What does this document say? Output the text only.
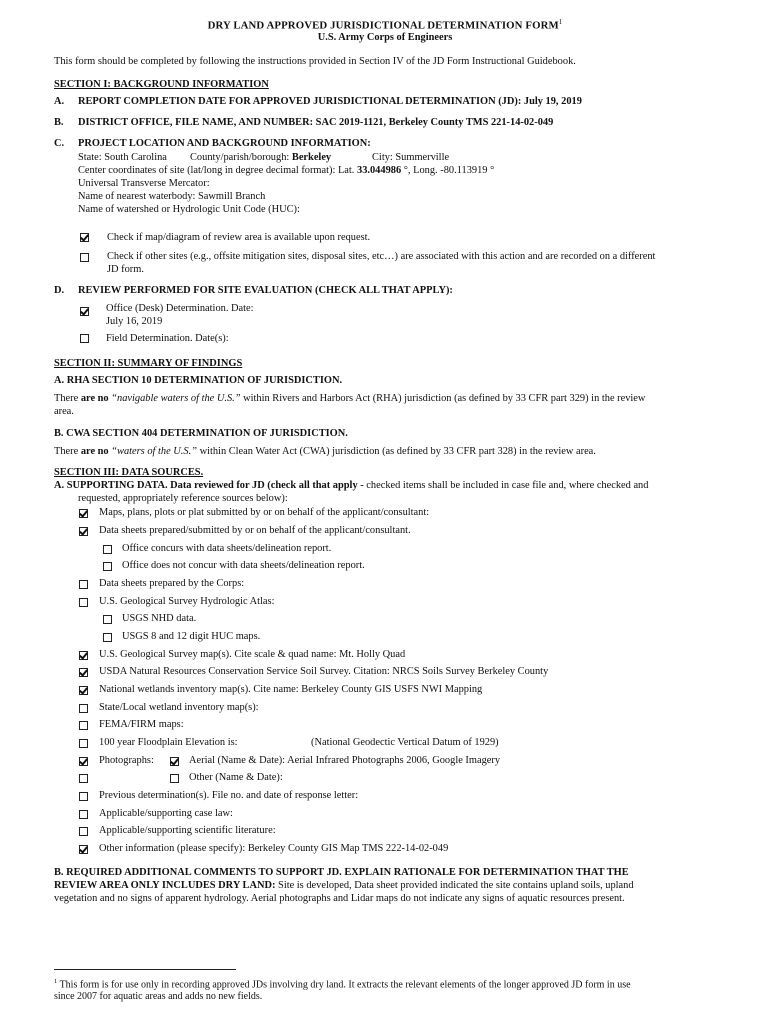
DRY LAND APPROVED JURISDICTIONAL DETERMINATION FORM$^1$
U.S. Army Corps of Engineers
This form should be completed by following the instructions provided in Section IV of the JD Form Instructional Guidebook.
SECTION I: BACKGROUND INFORMATION
A. REPORT COMPLETION DATE FOR APPROVED JURISDICTIONAL DETERMINATION (JD): July 19, 2019
B. DISTRICT OFFICE, FILE NAME, AND NUMBER: SAC 2019-1121, Berkeley County TMS 221-14-02-049
C. PROJECT LOCATION AND BACKGROUND INFORMATION:
State: South Carolina County/parish/borough: Berkeley	City: Summerville
Center coordinates of site (lat/long in degree decimal format): Lat. 33.044986 °, Long. -80.113919 °
Universal Transverse Mercator:
Name of nearest waterbody: Sawmill Branch
Name of watershed or Hydrologic Unit Code (HUC):
Check if map/diagram of review area is available upon request.
Check if other sites (e.g., offsite mitigation sites, disposal sites, etc…) are associated with this action and are recorded on a different
JD form.
D. REVIEW PERFORMED FOR SITE EVALUATION (CHECK ALL THAT APPLY):
Office (Desk) Determination. Date:
July 16, 2019
Field Determination. Date(s):
SECTION II: SUMMARY OF FINDINGS
A. RHA SECTION 10 DETERMINATION OF JURISDICTION.
There are no “navigable waters of the U.S.” within Rivers and Harbors Act (RHA) jurisdiction (as defined by 33 CFR part 329) in the review
area.
B. CWA SECTION 404 DETERMINATION OF JURISDICTION.
There are no “waters of the U.S.” within Clean Water Act (CWA) jurisdiction (as defined by 33 CFR part 328) in the review area.
SECTION III: DATA SOURCES.
A. SUPPORTING DATA. Data reviewed for JD (check all that apply - checked items shall be included in case file and, where checked and
requested, appropriately reference sources below):
Maps, plans, plots or plat submitted by or on behalf of the applicant/consultant:
Data sheets prepared/submitted by or on behalf of the applicant/consultant.
Office concurs with data sheets/delineation report.
Office does not concur with data sheets/delineation report.
Data sheets prepared by the Corps:
U.S. Geological Survey Hydrologic Atlas:
USGS NHD data.
USGS 8 and 12 digit HUC maps.
U.S. Geological Survey map(s). Cite scale & quad name: Mt. Holly Quad
USDA Natural Resources Conservation Service Soil Survey. Citation: NRCS Soils Survey Berkeley County
National wetlands inventory map(s). Cite name: Berkeley County GIS USFS NWI Mapping
State/Local wetland inventory map(s):
FEMA/FIRM maps:
100 year Floodplain Elevation is:	(National Geodectic Vertical Datum of 1929)
Photographs:	Aerial (Name & Date): Aerial Infrared Photographs 2006, Google Imagery
Other (Name & Date):
Previous determination(s). File no. and date of response letter:
Applicable/supporting case law:
Applicable/supporting scientific literature:
Other information (please specify): Berkeley County GIS Map TMS 222-14-02-049
B. REQUIRED ADDITIONAL COMMENTS TO SUPPORT JD. EXPLAIN RATIONALE FOR DETERMINATION THAT THE
REVIEW AREA ONLY INCLUDES DRY LAND: Site is developed, Data sheet provided indicated the site contains upland soils, upland
vegetation and no signs of apparent hydrology. Aerial photographs and Lidar maps do not indicate any signs of aquatic resources present.
$^1$ This form is for use only in recording approved JDs involving dry land. It extracts the relevant elements of the longer approved JD form in use
since 2007 for aquatic areas and adds no new fields.
